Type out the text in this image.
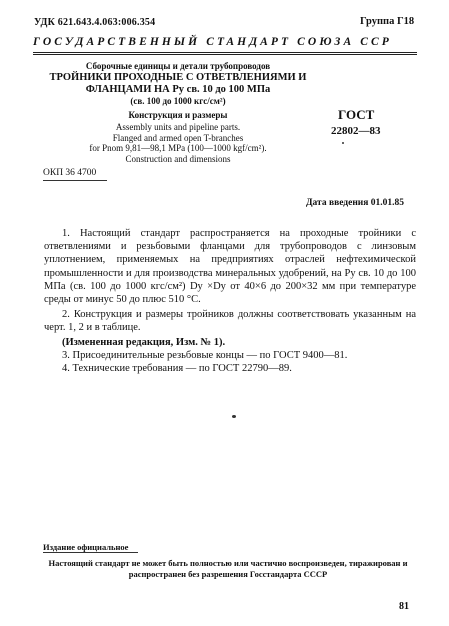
УДК 621.643.4.063:006.354	Группа Г18
ГОСУДАРСТВЕННЫЙ СТАНДАРТ СОЮЗА ССР
Сборочные единицы и детали трубопроводов
ТРОЙНИКИ ПРОХОДНЫЕ С ОТВЕТВЛЕНИЯМИ И
ФЛАНЦАМИ НА Pу св. 10 до 100 МПа
(св. 100 до 1000 кгс/см²)
Конструкция и размеры
Assembly units and pipeline parts.
Flanged and armed open T-branches
for Pnom 9,81—98,1 MPa (100—1000 kgf/cm²).
Construction and dimensions
ГОСТ
22802—83
ОКП 36 4700
Дата введения 01.01.85
1. Настоящий стандарт распространяется на проходные тройники с ответвлениями и резьбовыми фланцами для трубопроводов с линзовым уплотнением, применяемых на предприятиях отраслей нефтехимической промышленности и для производства минеральных удобрений, на Py св. 10 до 100 МПа (св. 100 до 1000 кгс/см²) Dy ×Dy от 40×6 до 200×32 мм при температуре среды от минус 50 до плюс 510 °С.
2. Конструкция и размеры тройников должны соответствовать указанным на черт. 1, 2 и в таблице.
(Измененная редакция, Изм. № 1).
3. Присоединительные резьбовые концы — по ГОСТ 9400—81.
4. Технические требования — по ГОСТ 22790—89.
Издание официальное
Настоящий стандарт не может быть полностью или частично воспроизведен, тиражирован и распространен без разрешения Госстандарта СССР
81
